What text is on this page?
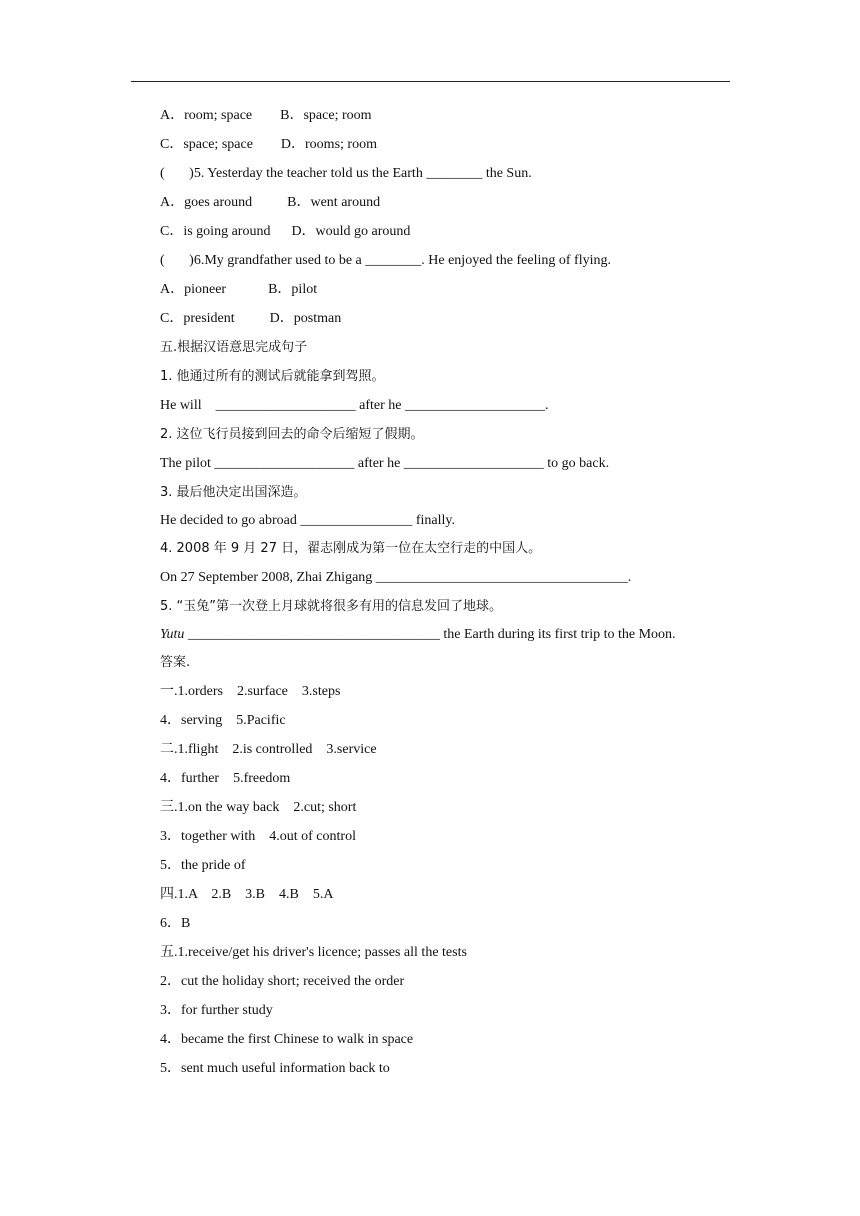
A．room; space        B．space; room
C．space; space        D．rooms; room
(       )5. Yesterday the teacher told us the Earth ________ the Sun.
A．goes around          B．went around
C．is going around      D．would go around
(       )6.My grandfather used to be a ________. He enjoyed the feeling of flying.
A．pioneer            B．pilot
C．president          D．postman
五.根据汉语意思完成句子
1. 他通过所有的测试后就能拿到驾照。
He will    ____________________ after he ____________________.
2. 这位飞行员接到回去的命令后缩短了假期。
The pilot ____________________ after he ____________________ to go back.
3. 最后他决定出国深造。
He decided to go abroad ________________ finally.
4. 2008 年 9 月 27 日，翟志刚成为第一位在太空行走的中国人。
On 27 September 2008, Zhai Zhigang ____________________________________.
5. “玉兔”第一次登上月球就将很多有用的信息发回了地球。
Yutu ____________________________________ the Earth during its first trip to the Moon.
答案.
一.1.orders    2.surface    3.steps
4．serving    5.Pacific
二.1.flight    2.is controlled    3.service
4．further    5.freedom
三.1.on the way back    2.cut; short
3．together with    4.out of control
5．the pride of
四.1.A    2.B    3.B    4.B    5.A
6．B
五.1.receive/get his driver's licence; passes all the tests
2．cut the holiday short; received the order
3．for further study
4．became the first Chinese to walk in space
5．sent much useful information back to
